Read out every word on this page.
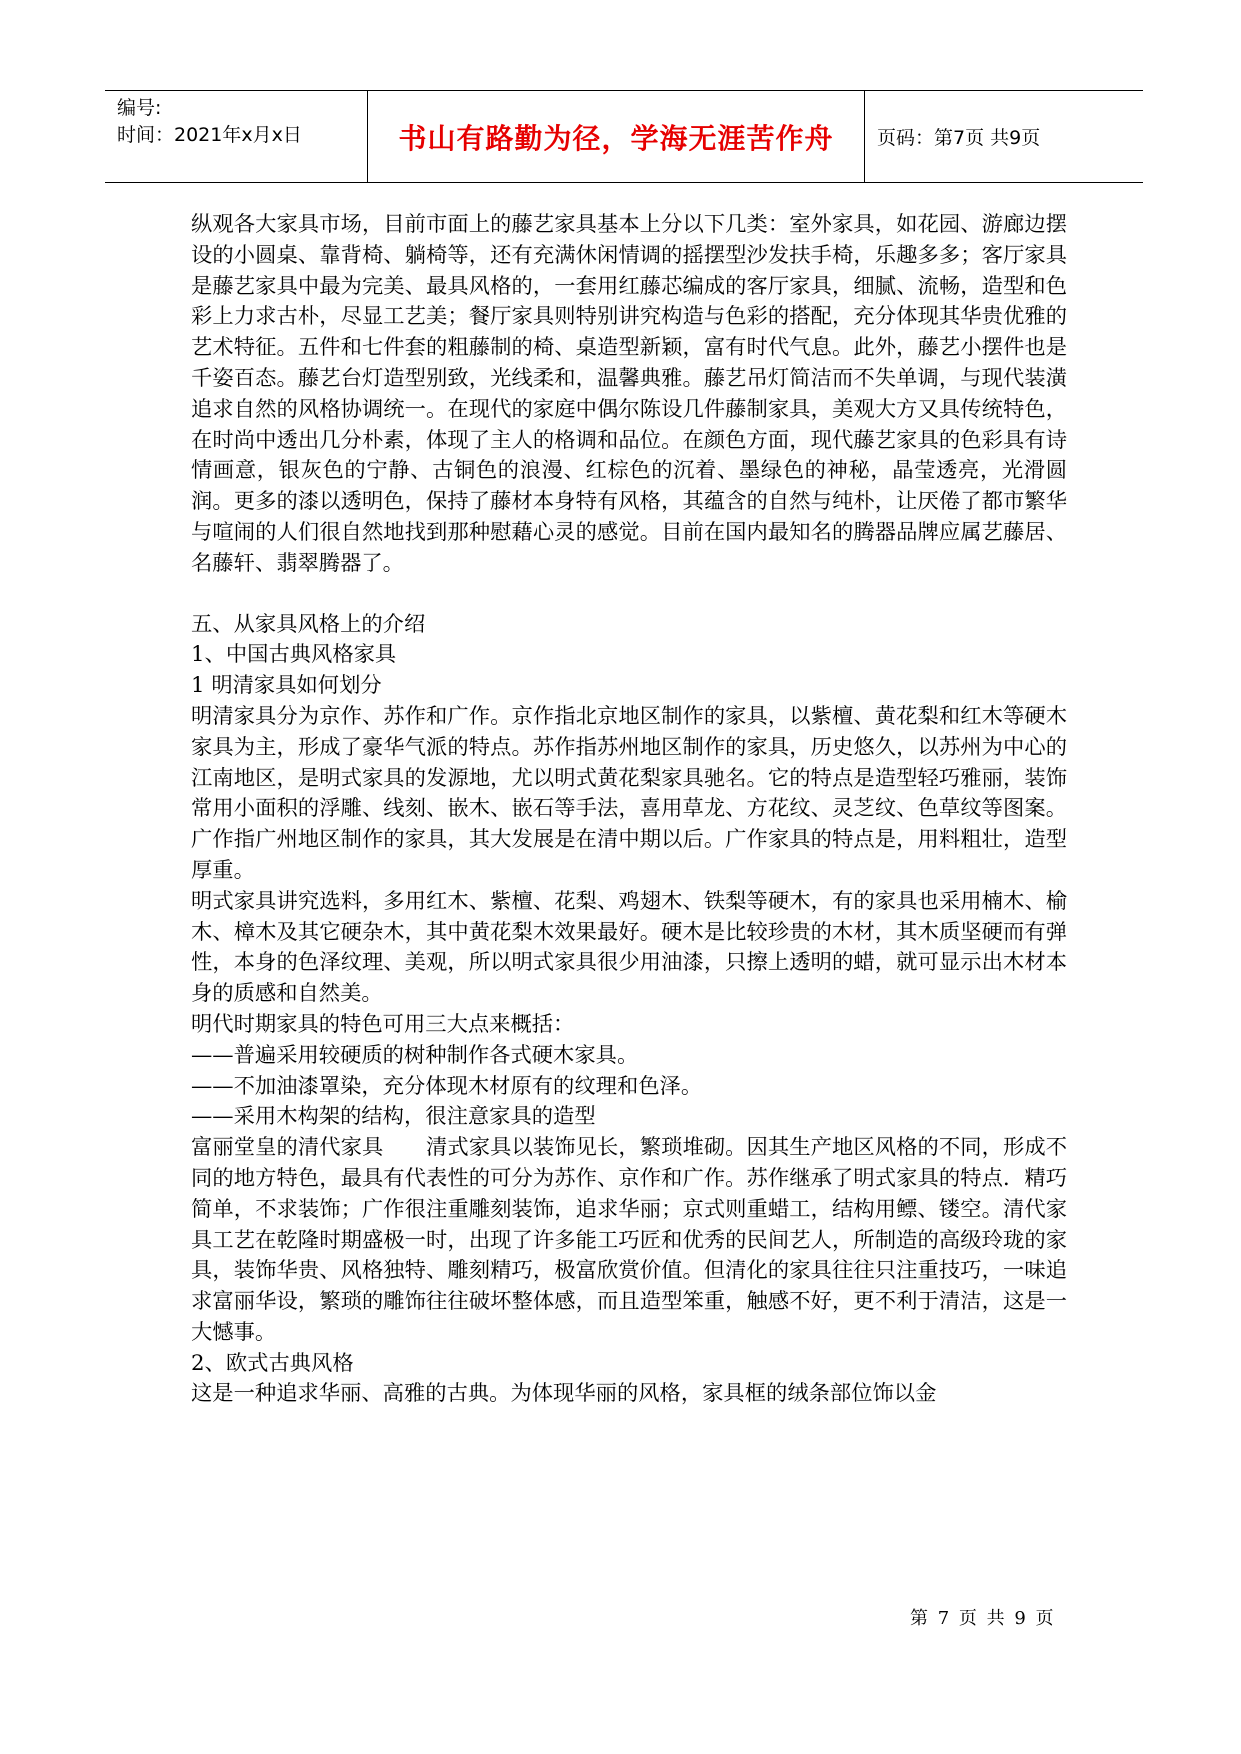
编号:
时间：2021年x月x日	书山有路勤为径，学海无涯苦作舟	页码：第7页 共9页

纵观各大家具市场，目前市面上的藤艺家具基本上分以下几类：室外家具，如花园、游廊边摆设的小圆桌、靠背椅、躺椅等，还有充满休闲情调的摇摆型沙发扶手椅，乐趣多多；客厅家具是藤艺家具中最为完美、最具风格的，一套用红藤芯编成的客厅家具，细腻、流畅，造型和色彩上力求古朴，尽显工艺美；餐厅家具则特别讲究构造与色彩的搭配，充分体现其华贵优雅的艺术特征。五件和七件套的粗藤制的椅、桌造型新颖，富有时代气息。此外，藤艺小摆件也是千姿百态。藤艺台灯造型别致，光线柔和，温馨典雅。藤艺吊灯简洁而不失单调，与现代装潢追求自然的风格协调统一。在现代的家庭中偶尔陈设几件藤制家具，美观大方又具传统特色，在时尚中透出几分朴素，体现了主人的格调和品位。在颜色方面，现代藤艺家具的色彩具有诗情画意，银灰色的宁静、古铜色的浪漫、红棕色的沉着、墨绿色的神秘，晶莹透亮，光滑圆润。更多的漆以透明色，保持了藤材本身特有风格，其蕴含的自然与纯朴，让厌倦了都市繁华与喧闹的人们很自然地找到那种慰藉心灵的感觉。目前在国内最知名的腾器品牌应属艺藤居、名藤轩、翡翠腾器了。

五、从家具风格上的介绍

1、中国古典风格家具

1 明清家具如何划分

明清家具分为京作、苏作和广作。京作指北京地区制作的家具，以紫檀、黄花梨和红木等硬木家具为主，形成了豪华气派的特点。苏作指苏州地区制作的家具，历史悠久，以苏州为中心的江南地区，是明式家具的发源地，尤以明式黄花梨家具驰名。它的特点是造型轻巧雅丽，装饰常用小面积的浮雕、线刻、嵌木、嵌石等手法，喜用草龙、方花纹、灵芝纹、色草纹等图案。广作指广州地区制作的家具，其大发展是在清中期以后。广作家具的特点是，用料粗壮，造型厚重。

明式家具讲究选料，多用红木、紫檀、花梨、鸡翅木、铁梨等硬木，有的家具也采用楠木、榆木、樟木及其它硬杂木，其中黄花梨木效果最好。硬木是比较珍贵的木材，其木质坚硬而有弹性，本身的色泽纹理、美观，所以明式家具很少用油漆，只擦上透明的蜡，就可显示出木材本身的质感和自然美。

明代时期家具的特色可用三大点来概括：

——普遍采用较硬质的树种制作各式硬木家具。

——不加油漆罩染，充分体现木材原有的纹理和色泽。

——采用木构架的结构，很注意家具的造型

富丽堂皇的清代家具　　清式家具以装饰见长，繁琐堆砌。因其生产地区风格的不同，形成不同的地方特色，最具有代表性的可分为苏作、京作和广作。苏作继承了明式家具的特点．精巧简单，不求装饰；广作很注重雕刻装饰，追求华丽；京式则重蜡工，结构用鳔、镂空。清代家具工艺在乾隆时期盛极一时，出现了许多能工巧匠和优秀的民间艺人，所制造的高级玲珑的家具，装饰华贵、风格独特、雕刻精巧，极富欣赏价值。但清化的家具往往只注重技巧，一味追求富丽华设，繁琐的雕饰往往破坏整体感，而且造型笨重，触感不好，更不利于清洁，这是一大憾事。

2、欧式古典风格

这是一种追求华丽、高雅的古典。为体现华丽的风格，家具框的绒条部位饰以金

第 7 页 共 9 页
